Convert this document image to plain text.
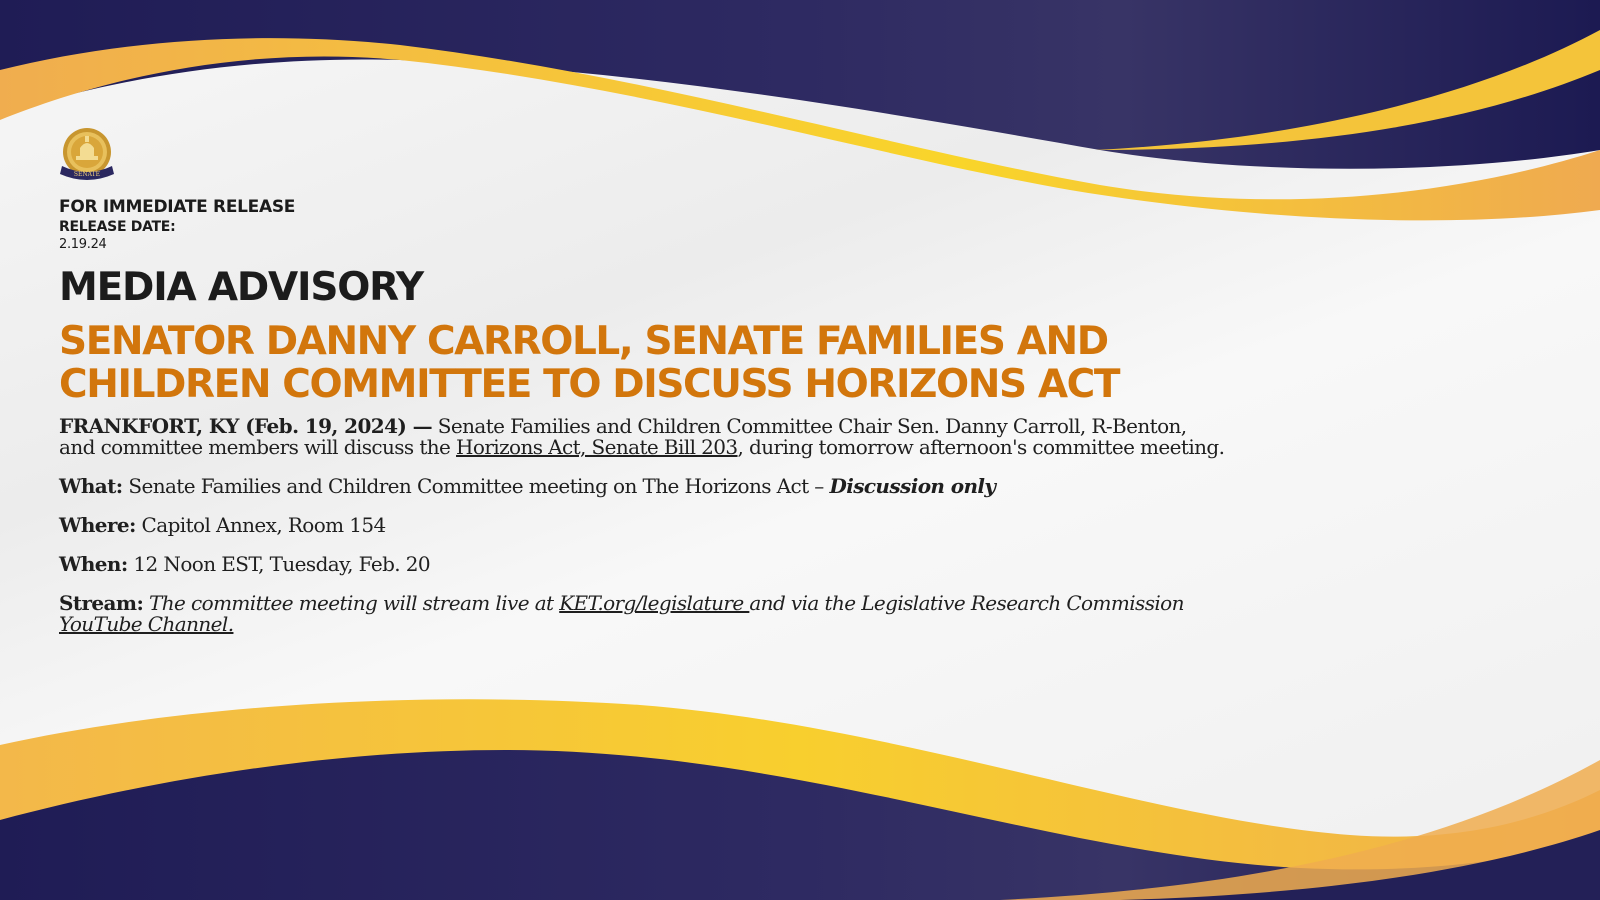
SENATE
FOR IMMEDIATE RELEASE
RELEASE DATE:
2.19.24
MEDIA ADVISORY
SENATOR DANNY CARROLL, SENATE FAMILIES AND
CHILDREN COMMITTEE TO DISCUSS HORIZONS ACT
FRANKFORT, KY (Feb. 19, 2024) — Senate Families and Children Committee Chair Sen. Danny Carroll, R-Benton,
and committee members will discuss the Horizons Act, Senate Bill 203, during tomorrow afternoon's committee meeting.
What: Senate Families and Children Committee meeting on The Horizons Act – Discussion only
Where: Capitol Annex, Room 154
When: 12 Noon EST, Tuesday, Feb. 20
Stream: The committee meeting will stream live at KET.org/legislature and via the Legislative Research Commission
YouTube Channel.
